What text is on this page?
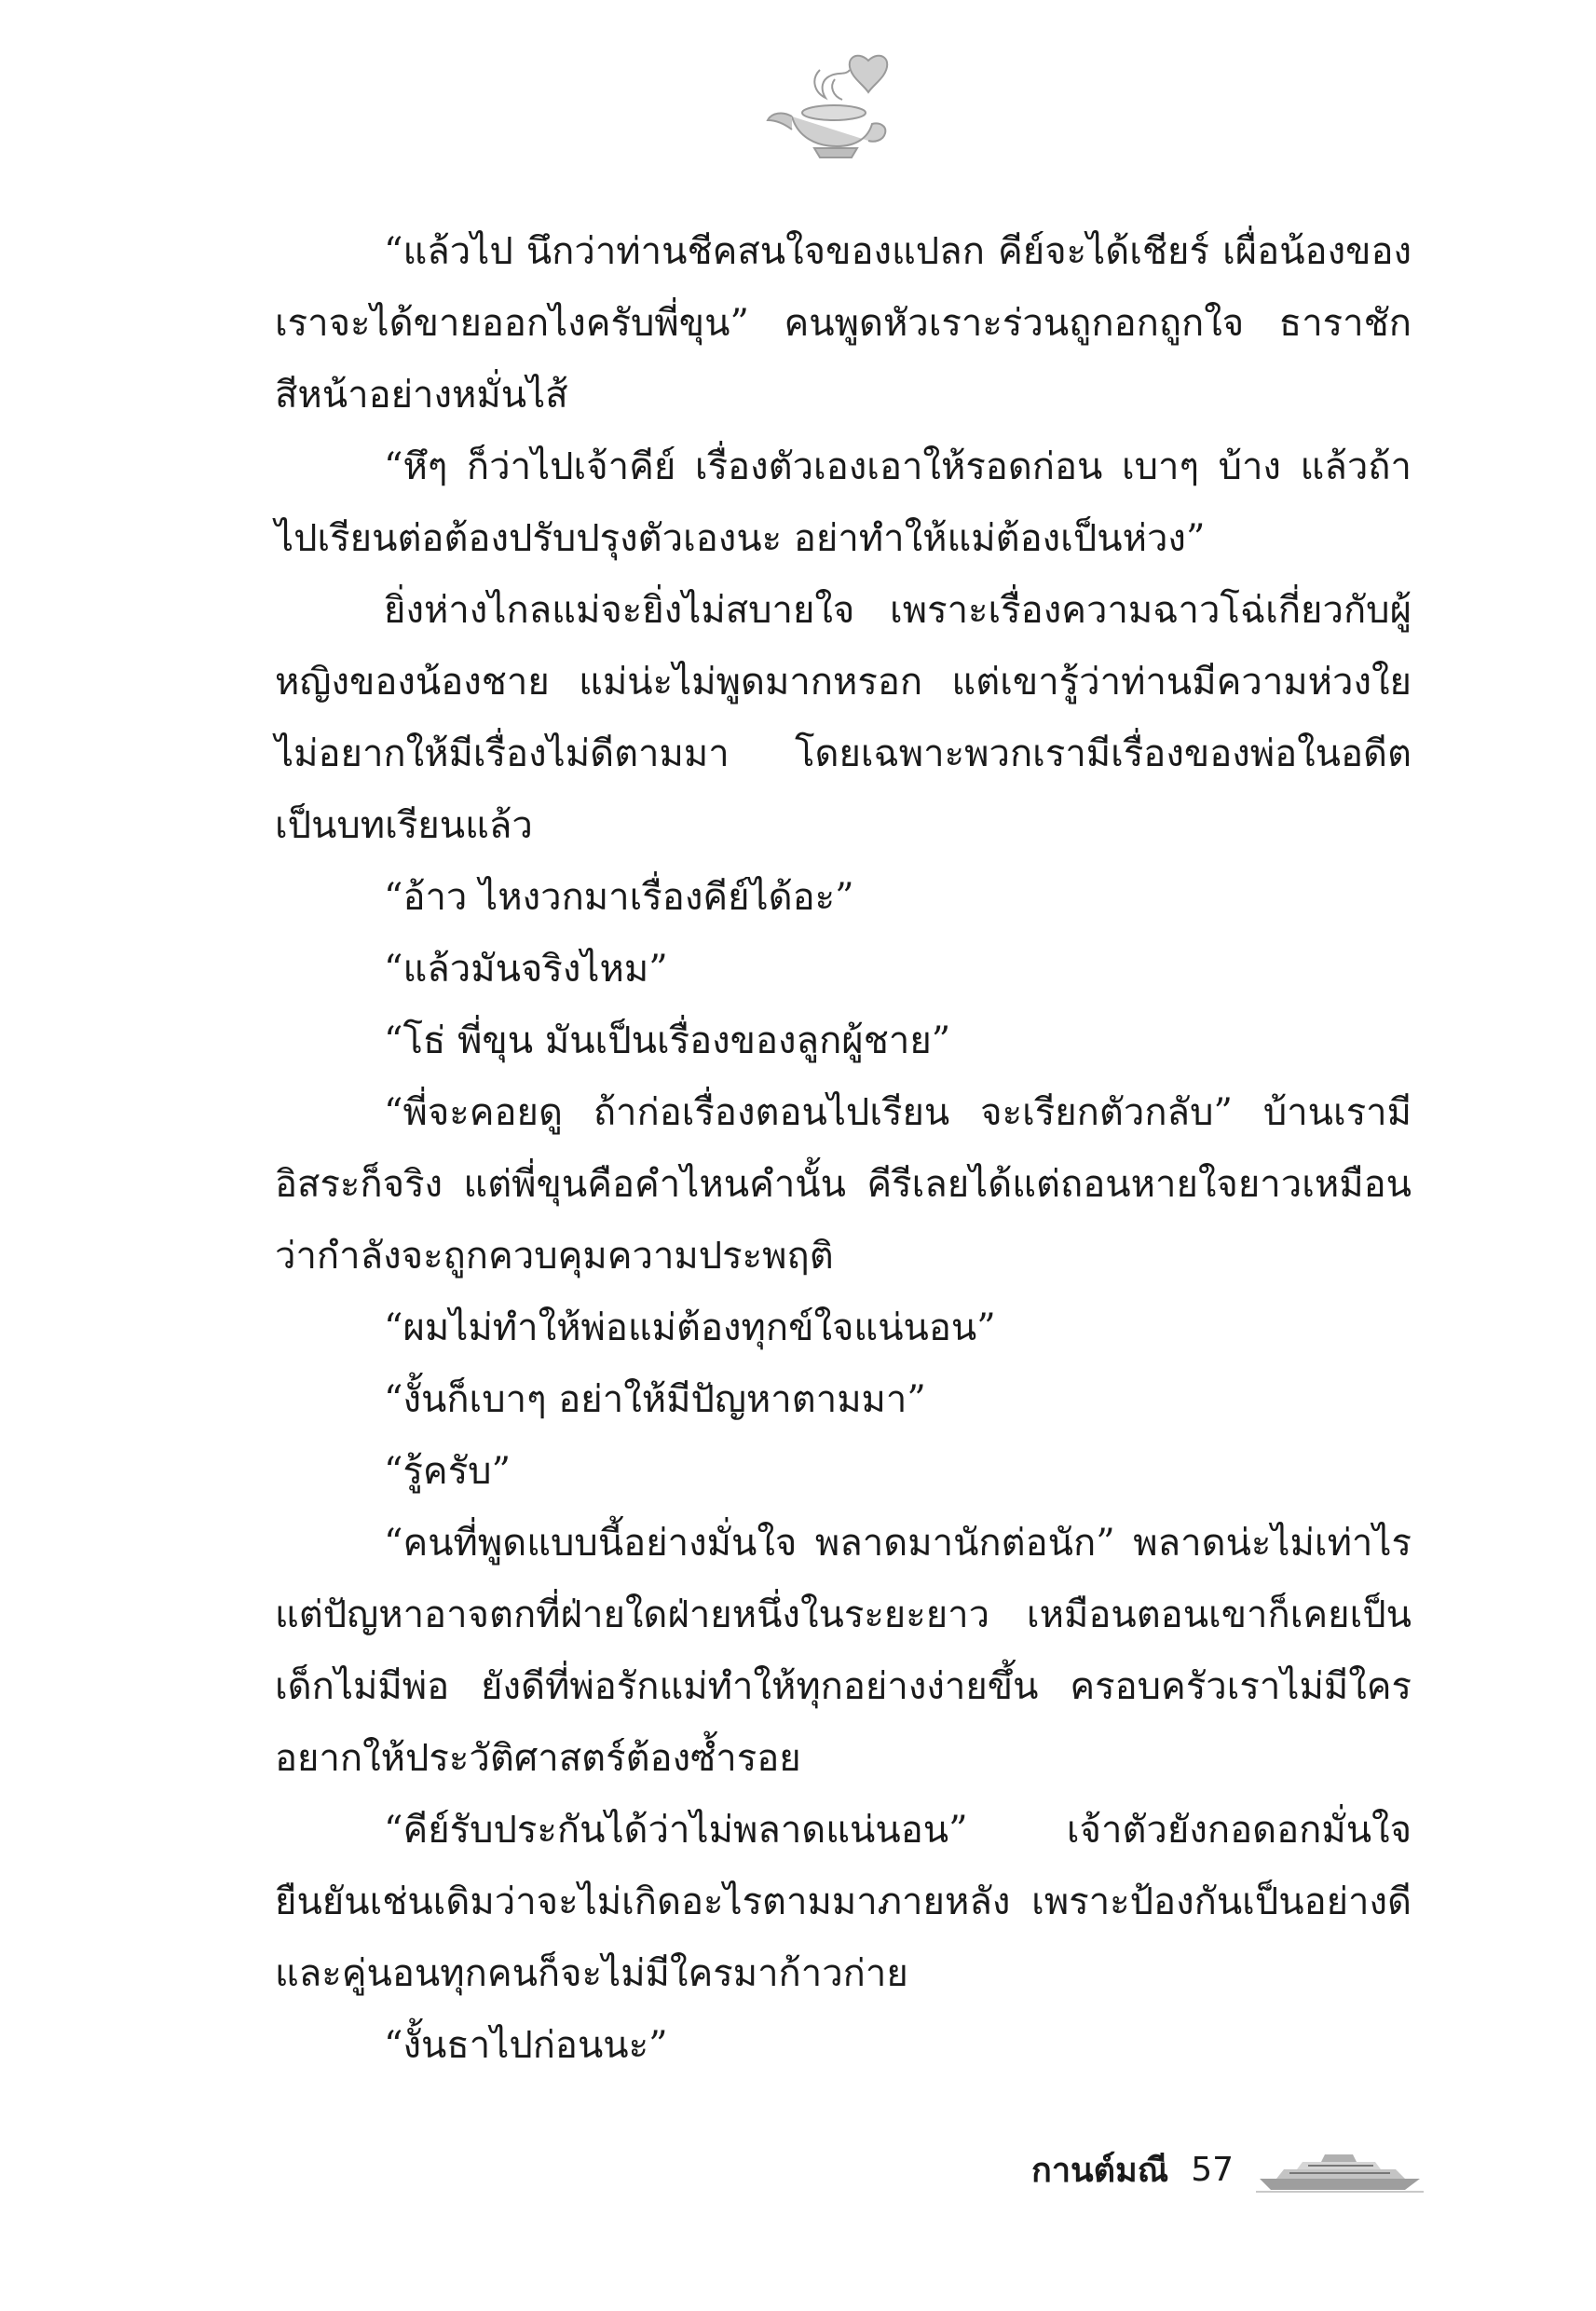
“แล้วไป นึกว่าท่านชีคสนใจของแปลก คีย์จะได้เชียร์ เผื่อน้องของเราจะได้ขายออกไงครับพี่ขุน” คนพูดหัวเราะร่วนถูกอกถูกใจ ธาราชักสีหน้าอย่างหมั่นไส้

“หึๆ ก็ว่าไปเจ้าคีย์ เรื่องตัวเองเอาให้รอดก่อน เบาๆ บ้าง แล้วถ้าไปเรียนต่อต้องปรับปรุงตัวเองนะ อย่าทำให้แม่ต้องเป็นห่วง”

ยิ่งห่างไกลแม่จะยิ่งไม่สบายใจ เพราะเรื่องความฉาวโฉ่เกี่ยวกับผู้หญิงของน้องชาย แม่น่ะไม่พูดมากหรอก แต่เขารู้ว่าท่านมีความห่วงใยไม่อยากให้มีเรื่องไม่ดีตามมา โดยเฉพาะพวกเรามีเรื่องของพ่อในอดีตเป็นบทเรียนแล้ว

“อ้าว ไหงวกมาเรื่องคีย์ได้อะ”

“แล้วมันจริงไหม”

“โธ่ พี่ขุน มันเป็นเรื่องของลูกผู้ชาย”

“พี่จะคอยดู ถ้าก่อเรื่องตอนไปเรียน จะเรียกตัวกลับ” บ้านเรามีอิสระก็จริง แต่พี่ขุนคือคำไหนคำนั้น คีรีเลยได้แต่ถอนหายใจยาวเหมือนว่ากำลังจะถูกควบคุมความประพฤติ

“ผมไม่ทำให้พ่อแม่ต้องทุกข์ใจแน่นอน”

“งั้นก็เบาๆ อย่าให้มีปัญหาตามมา”

“รู้ครับ”

“คนที่พูดแบบนี้อย่างมั่นใจ พลาดมานักต่อนัก” พลาดน่ะไม่เท่าไรแต่ปัญหาอาจตกที่ฝ่ายใดฝ่ายหนึ่งในระยะยาว เหมือนตอนเขาก็เคยเป็นเด็กไม่มีพ่อ ยังดีที่พ่อรักแม่ทำให้ทุกอย่างง่ายขึ้น ครอบครัวเราไม่มีใครอยากให้ประวัติศาสตร์ต้องซ้ำรอย

“คีย์รับประกันได้ว่าไม่พลาดแน่นอน” เจ้าตัวยังกอดอกมั่นใจยืนยันเช่นเดิมว่าจะไม่เกิดอะไรตามมาภายหลัง เพราะป้องกันเป็นอย่างดี และคู่นอนทุกคนก็จะไม่มีใครมาก้าวก่าย

“งั้นธาไปก่อนนะ”

กานต์มณี 57
